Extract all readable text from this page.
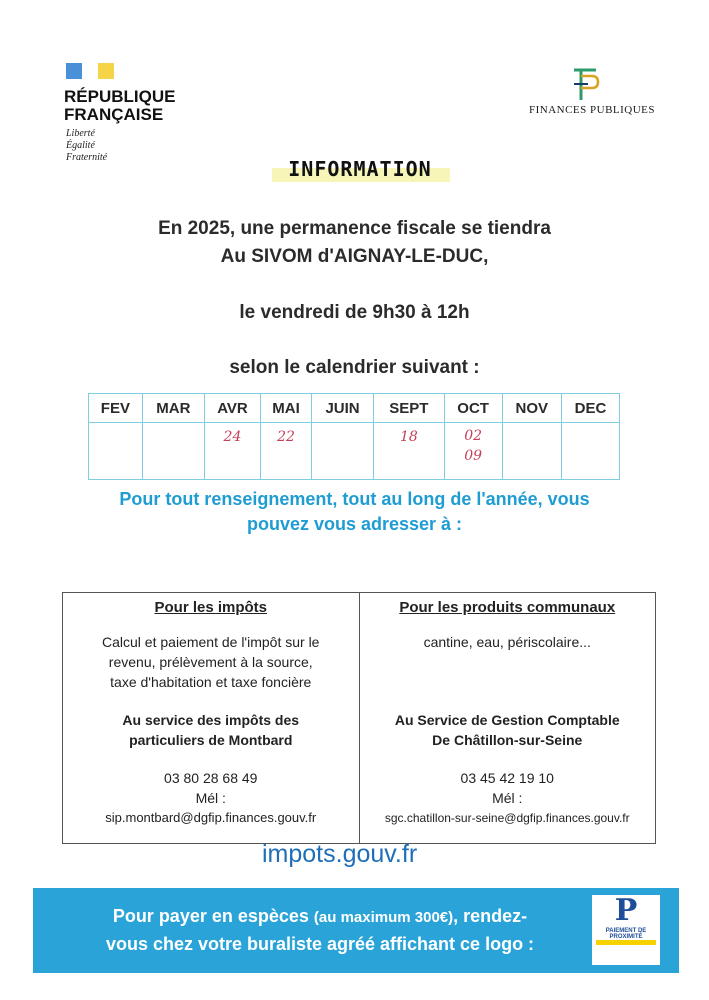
RÉPUBLIQUE
FRANÇAISE
Liberté
Égalité
Fraternité
FINANCES PUBLIQUES
INFORMATION
En 2025, une permanence fiscale se tiendra
Au SIVOM d'AIGNAY-LE-DUC,
le vendredi de 9h30 à 12h
selon le calendrier suivant :
FEV	MAR	AVR	MAI	JUIN	SEPT	OCT	NOV	DEC
		24	22		18	02
09		
Pour tout renseignement, tout au long de l'année, vous
pouvez vous adresser à :
Pour les impôts
Calcul et paiement de l'impôt sur le
revenu, prélèvement à la source,
taxe d'habitation et taxe foncière
Au service des impôts des
particuliers de Montbard
03 80 28 68 49
Mél :
sip.montbard@dgfip.finances.gouv.fr
Pour les produits communaux
cantine, eau, périscolaire...
Au Service de Gestion Comptable
De Châtillon-sur-Seine
03 45 42 19 10
Mél :
sgc.chatillon-sur-seine@dgfip.finances.gouv.fr
impots.gouv.fr
Pour payer en espèces (au maximum 300€), rendez-
vous chez votre buraliste agréé affichant ce logo :
P
PAIEMENT DE PROXIMITÉ
